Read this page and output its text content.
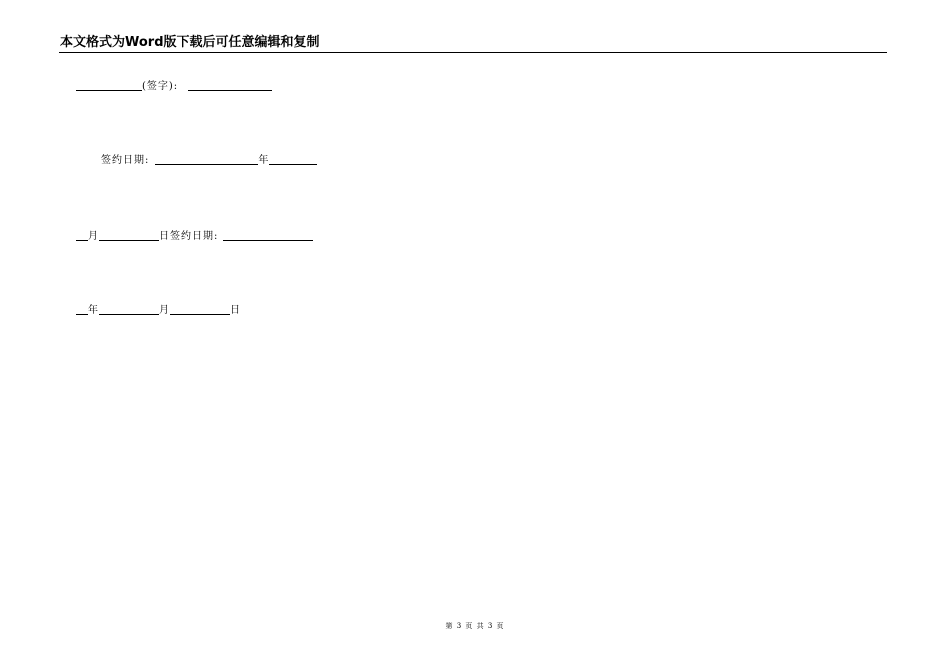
本文格式为Word版下载后可任意编辑和复制
(签字):
签约日期:	年
月	日签约日期:
年	月	日
第 3 页 共 3 页
